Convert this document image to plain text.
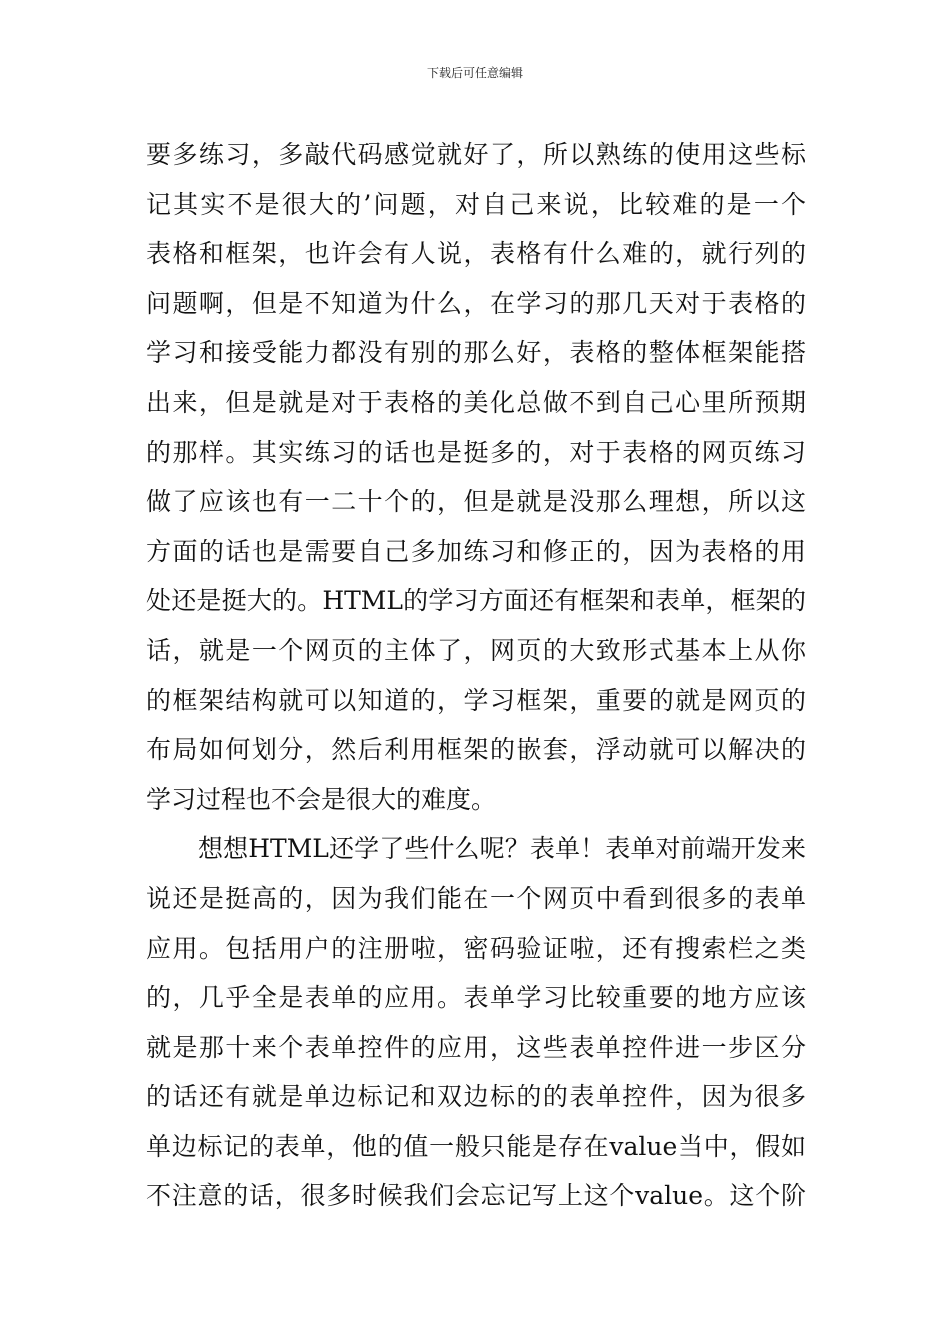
下载后可任意编辑
要多练习，多敲代码感觉就好了，所以熟练的使用这些标
记其实不是很大的’问题，对自己来说，比较难的是一个
表格和框架，也许会有人说，表格有什么难的，就行列的
问题啊，但是不知道为什么，在学习的那几天对于表格的
学习和接受能力都没有别的那么好，表格的整体框架能搭
出来，但是就是对于表格的美化总做不到自己心里所预期
的那样。其实练习的话也是挺多的，对于表格的网页练习
做了应该也有一二十个的，但是就是没那么理想，所以这
方面的话也是需要自己多加练习和修正的，因为表格的用
处还是挺大的。HTML的学习方面还有框架和表单，框架的
话，就是一个网页的主体了，网页的大致形式基本上从你
的框架结构就可以知道的，学习框架，重要的就是网页的
布局如何划分，然后利用框架的嵌套，浮动就可以解决的
学习过程也不会是很大的难度。
想想HTML还学了些什么呢？表单！表单对前端开发来
说还是挺高的，因为我们能在一个网页中看到很多的表单
应用。包括用户的注册啦，密码验证啦，还有搜索栏之类
的，几乎全是表单的应用。表单学习比较重要的地方应该
就是那十来个表单控件的应用，这些表单控件进一步区分
的话还有就是单边标记和双边标的的表单控件，因为很多
单边标记的表单，他的值一般只能是存在value当中，假如
不注意的话，很多时候我们会忘记写上这个value。这个阶
